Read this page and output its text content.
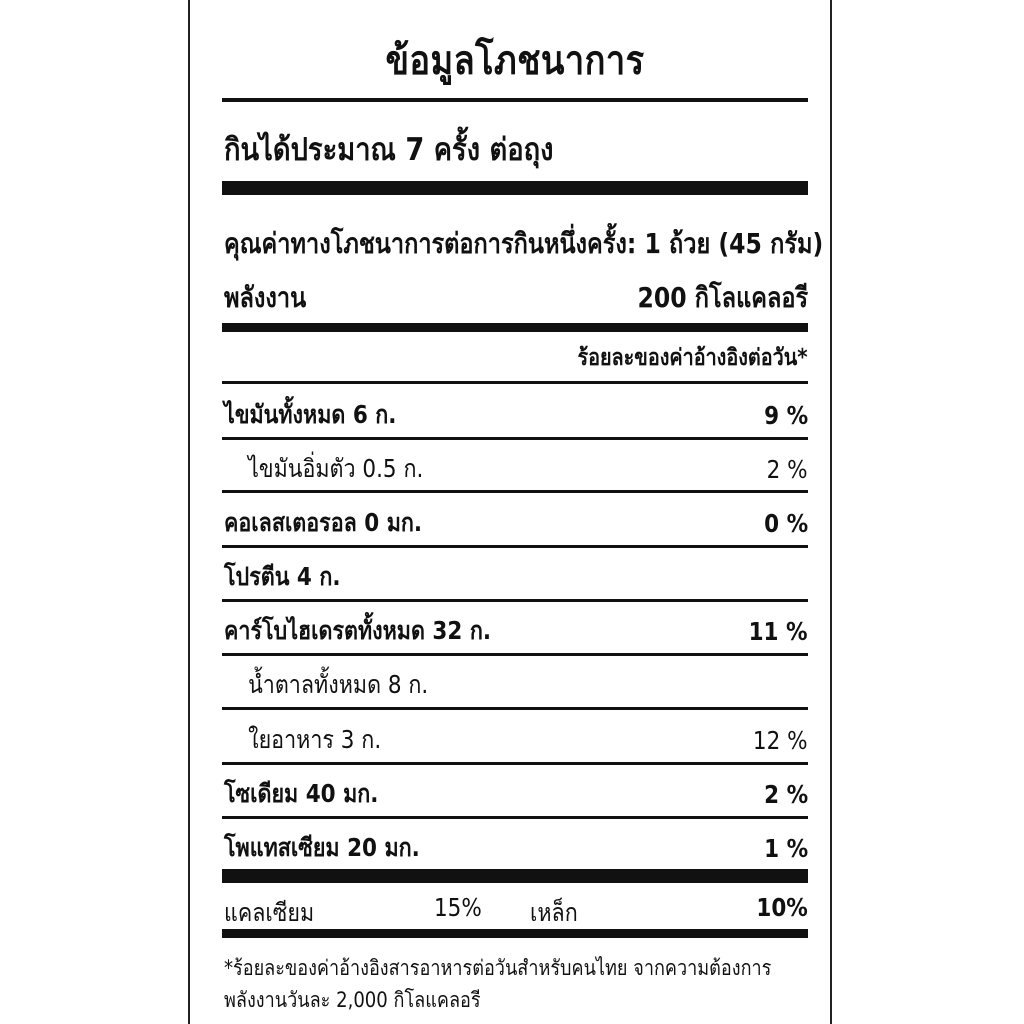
ข้อมูลโภชนาการ
กินได้ประมาณ 7 ครั้ง ต่อถุง
คุณค่าทางโภชนาการต่อการกินหนึ่งครั้ง: 1 ถ้วย (45 กรัม)
พลังงาน	200 กิโลแคลอรี
ร้อยละของค่าอ้างอิงต่อวัน*
ไขมันทั้งหมด 6 ก.	9 %
ไขมันอิ่มตัว 0.5 ก.	2 %
คอเลสเตอรอล 0 มก.	0 %
โปรตีน 4 ก.
คาร์โบไฮเดรตทั้งหมด 32 ก.	11 %
น้ำตาลทั้งหมด 8 ก.
ใยอาหาร 3 ก.	12 %
โซเดียม 40 มก.	2 %
โพแทสเซียม 20 มก.	1 %
แคลเซียม	15% เหล็ก	10%
*ร้อยละของค่าอ้างอิงสารอาหารต่อวันสำหรับคนไทย จากความต้องการ
พลังงานวันละ 2,000 กิโลแคลอรี
